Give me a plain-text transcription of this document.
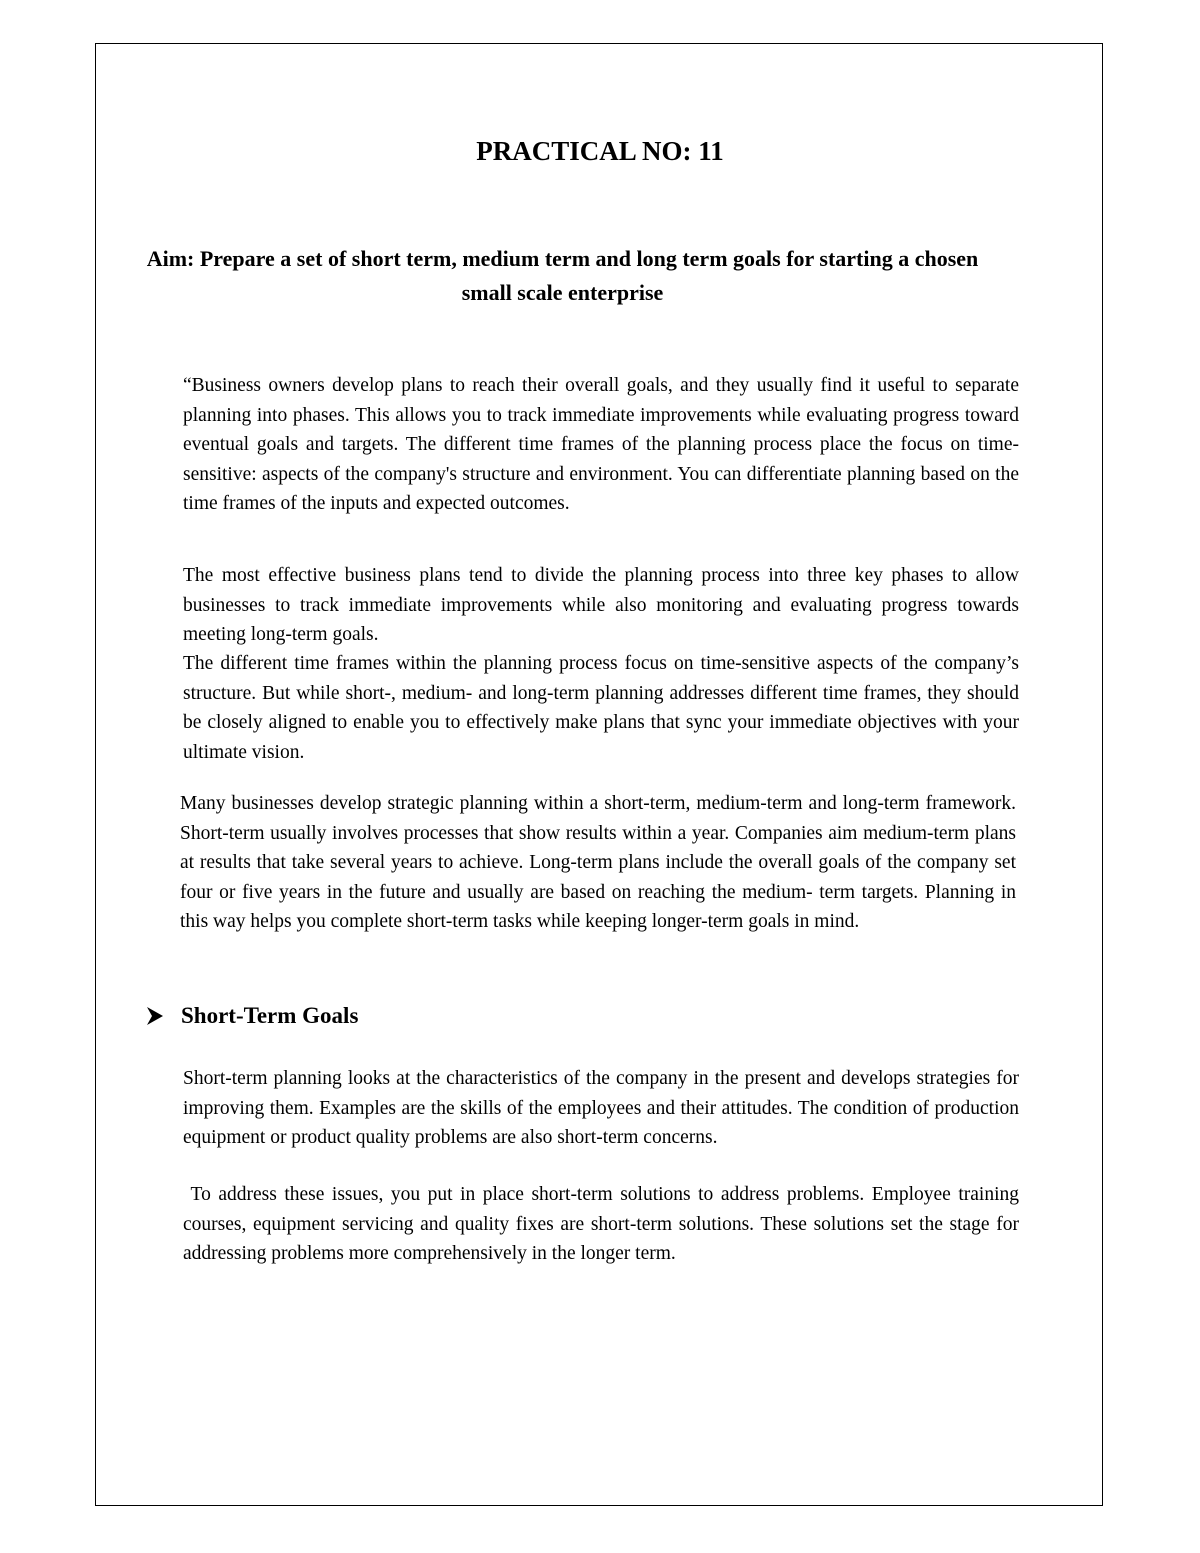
PRACTICAL NO: 11
Aim: Prepare a set of short term, medium term and long term goals for starting a chosen small scale enterprise

“Business owners develop plans to reach their overall goals, and they usually find it useful to separate planning into phases. This allows you to track immediate improvements while evaluating progress toward eventual goals and targets. The different time frames of the planning process place the focus on time-sensitive: aspects of the company's structure and environment. You can differentiate planning based on the time frames of the inputs and expected outcomes.

The most effective business plans tend to divide the planning process into three key phases to allow businesses to track immediate improvements while also monitoring and evaluating progress towards meeting long-term goals.

The different time frames within the planning process focus on time-sensitive aspects of the company’s structure. But while short-, medium- and long-term planning addresses different time frames, they should be closely aligned to enable you to effectively make plans that sync your immediate objectives with your ultimate vision.

Many businesses develop strategic planning within a short-term, medium-term and long-term framework. Short-term usually involves processes that show results within a year. Companies aim medium-term plans at results that take several years to achieve. Long-term plans include the overall goals of the company set four or five years in the future and usually are based on reaching the medium- term targets. Planning in this way helps you complete short-term tasks while keeping longer-term goals in mind.

Short-Term Goals

Short-term planning looks at the characteristics of the company in the present and develops strategies for improving them. Examples are the skills of the employees and their attitudes. The condition of production equipment or product quality problems are also short-term concerns.

To address these issues, you put in place short-term solutions to address problems. Employee training courses, equipment servicing and quality fixes are short-term solutions. These solutions set the stage for addressing problems more comprehensively in the longer term.
